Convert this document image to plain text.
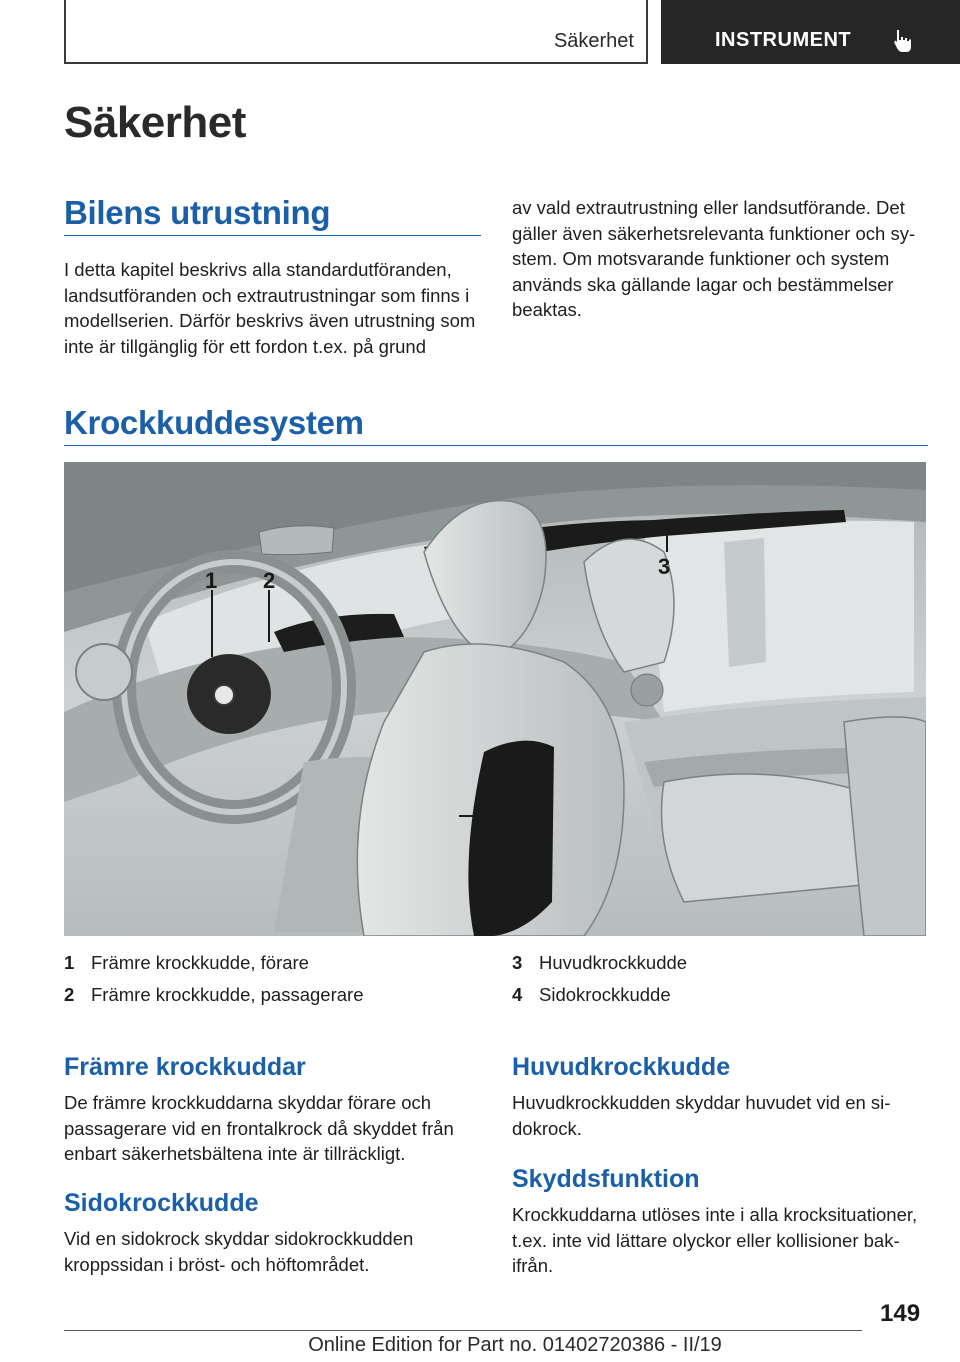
Säkerhet	INSTRUMENT
Säkerhet
Bilens utrustning

I detta kapitel beskrivs alla standardutföranden, landsutföranden och extrautrustningar som finns i modellserien. Därför beskrivs även utrustning som inte är tillgänglig för ett fordon t.ex. på grund

av vald extrautrustning eller landsutförande. Det gäller även säkerhetsrelevanta funktioner och sy-stem. Om motsvarande funktioner och system används ska gällande lagar och bestämmelser beaktas.

Krockkuddesystem
1 2
3
4
1 Främre krockkudde, förare
2 Främre krockkudde, passagerare
3 Huvudkrockkudde
4 Sidokrockkudde
Främre krockkuddar

De främre krockkuddarna skyddar förare och passagerare vid en frontalkrock då skyddet från enbart säkerhetsbältena inte är tillräckligt.

Sidokrockkudde

Vid en sidokrock skyddar sidokrockkudden kroppssidan i bröst- och höftområdet.

Huvudkrockkudde

Huvudkrockkudden skyddar huvudet vid en si-dokrock.

Skyddsfunktion

Krockkuddarna utlöses inte i alla krocksituationer, t.ex. inte vid lättare olyckor eller kollisioner bak-ifrån.

149
Online Edition for Part no. 01402720386 - II/19
